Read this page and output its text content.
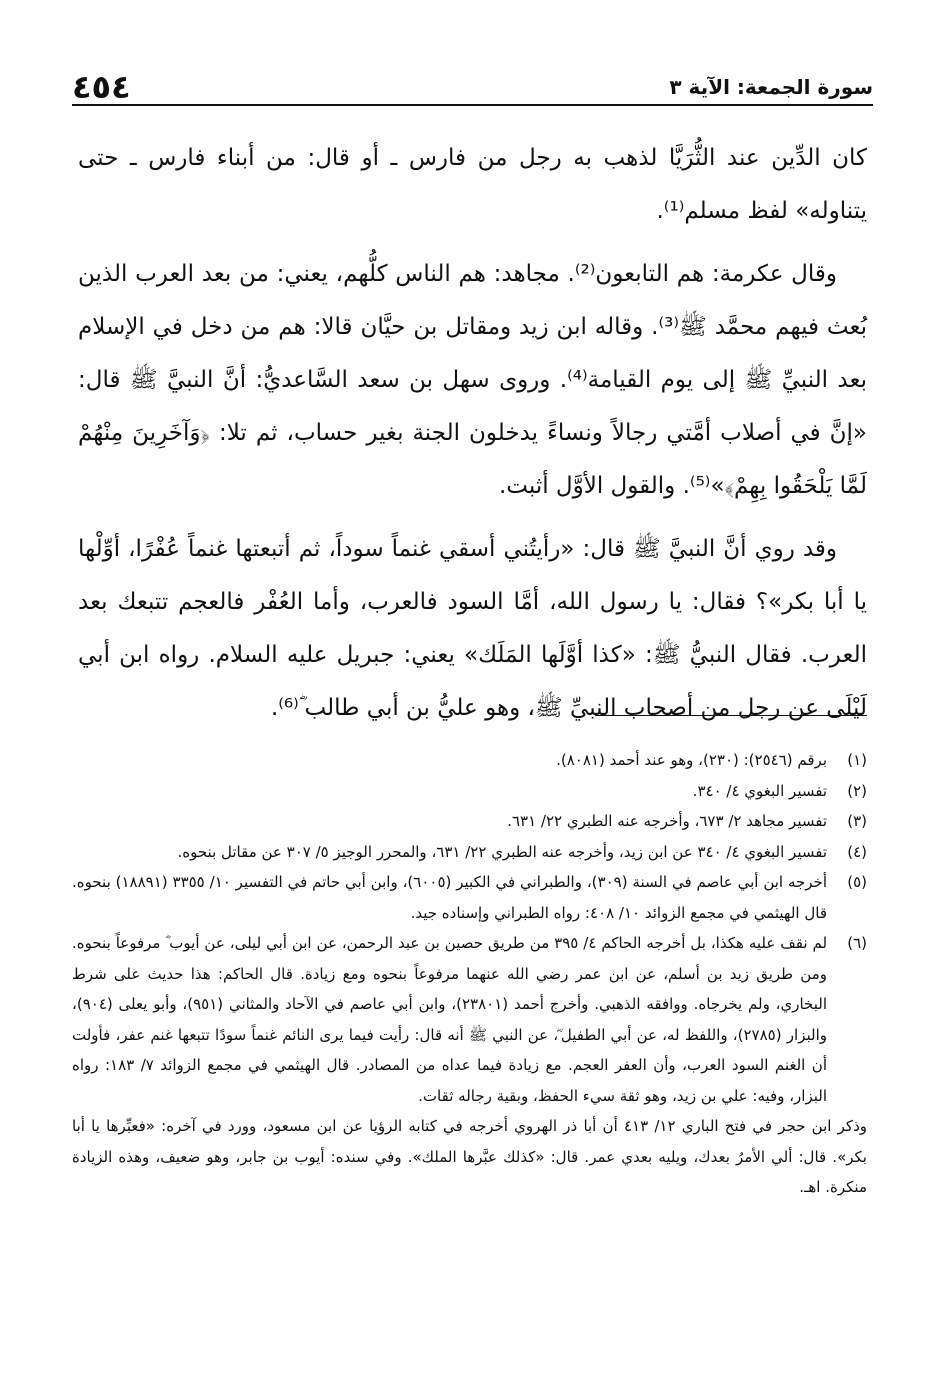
سورة الجمعة: الآية ٣
٤٥٤

كان الدِّين عند الثُّرَيَّا لذهب به رجل من فارس ـ أو قال: من أبناء فارس ـ حتى يتناوله» لفظ مسلم⁽¹⁾.

وقال عكرمة: هم التابعون⁽²⁾. مجاهد: هم الناس كلُّهم، يعني: من بعد العرب الذين بُعث فيهم محمَّد ﷺ⁽³⁾. وقاله ابن زيد ومقاتل بن حيَّان قالا: هم من دخل في الإسلام بعد النبيِّ ﷺ إلى يوم القيامة⁽⁴⁾. وروى سهل بن سعد السَّاعديُّ: أنَّ النبيَّ ﷺ قال: «إنَّ في أصلاب أمَّتي رجالاً ونساءً يدخلون الجنة بغير حساب، ثم تلا: ﴿وَآخَرِينَ مِنْهُمْ لَمَّا يَلْحَقُوا بِهِمْ﴾»⁽⁵⁾. والقول الأوَّل أثبت.

وقد روي أنَّ النبيَّ ﷺ قال: «رأيتُني أسقي غنماً سوداً، ثم أتبعتها غنماً عُفْرًا، أوِّلْها يا أبا بكر»؟ فقال: يا رسول الله، أمَّا السود فالعرب، وأما العُفْر فالعجم تتبعك بعد العرب. فقال النبيُّ ﷺ: «كذا أوَّلَها المَلَك» يعني: جبريل عليه السلام. رواه ابن أبي لَيْلَى عن رجل من أصحاب النبيِّ ﷺ، وهو عليُّ بن أبي طالب ؓ⁽⁶⁾.

(١)
برقم (٢٥٤٦): (٢٣٠)، وهو عند أحمد (٨٠٨١).
(٢)
تفسير البغوي ٤/ ٣٤٠.
(٣)
تفسير مجاهد ٢/ ٦٧٣، وأخرجه عنه الطبري ٢٢/ ٦٣١.
(٤)
تفسير البغوي ٤/ ٣٤٠ عن ابن زيد، وأخرجه عنه الطبري ٢٢/ ٦٣١، والمحرر الوجيز ٥/ ٣٠٧ عن مقاتل بنحوه.
(٥)
أخرجه ابن أبي عاصم في السنة (٣٠٩)، والطبراني في الكبير (٦٠٠٥)، وابن أبي حاتم في التفسير ١٠/ ٣٣٥٥ (١٨٨٩١) بنحوه. قال الهيثمي في مجمع الزوائد ١٠/ ٤٠٨: رواه الطبراني وإسناده جيد.
(٦)
لم نقف عليه هكذا، بل أخرجه الحاكم ٤/ ٣٩٥ من طريق حصين بن عبد الرحمن، عن ابن أبي ليلى، عن أيوب ؓ مرفوعاً بنحوه. ومن طريق زيد بن أسلم، عن ابن عمر رضي الله عنهما مرفوعاً بنحوه ومع زيادة. قال الحاكم: هذا حديث على شرط البخاري، ولم يخرجاه. ووافقه الذهبي. وأخرج أحمد (٢٣٨٠١)، وابن أبي عاصم في الآحاد والمثاني (٩٥١)، وأبو يعلى (٩٠٤)، والبزار (٢٧٨٥)، واللفظ له، عن أبي الطفيل ؓ، عن النبي ﷺ أنه قال: رأيت فيما يرى النائم غنماً سودًا تتبعها غنم عفر، فأولت أن الغنم السود العرب، وأن العفر العجم. مع زيادة فيما عداه من المصادر. قال الهيثمي في مجمع الزوائد ٧/ ١٨٣: رواه البزار، وفيه: علي بن زيد، وهو ثقة سيء الحفظ، وبقية رجاله ثقات.

وذكر ابن حجر في فتح الباري ١٢/ ٤١٣ أن أبا ذر الهروي أخرجه في كتابه الرؤيا عن ابن مسعود، وورد في آخره: «فعبِّرها يا أبا بكر». قال: ألي الأمرُ بعدك، ويليه بعدي عمر. قال: «كذلك عبَّرها الملك». وفي سنده: أيوب بن جابر، وهو ضعيف، وهذه الزيادة منكرة. اهـ.
